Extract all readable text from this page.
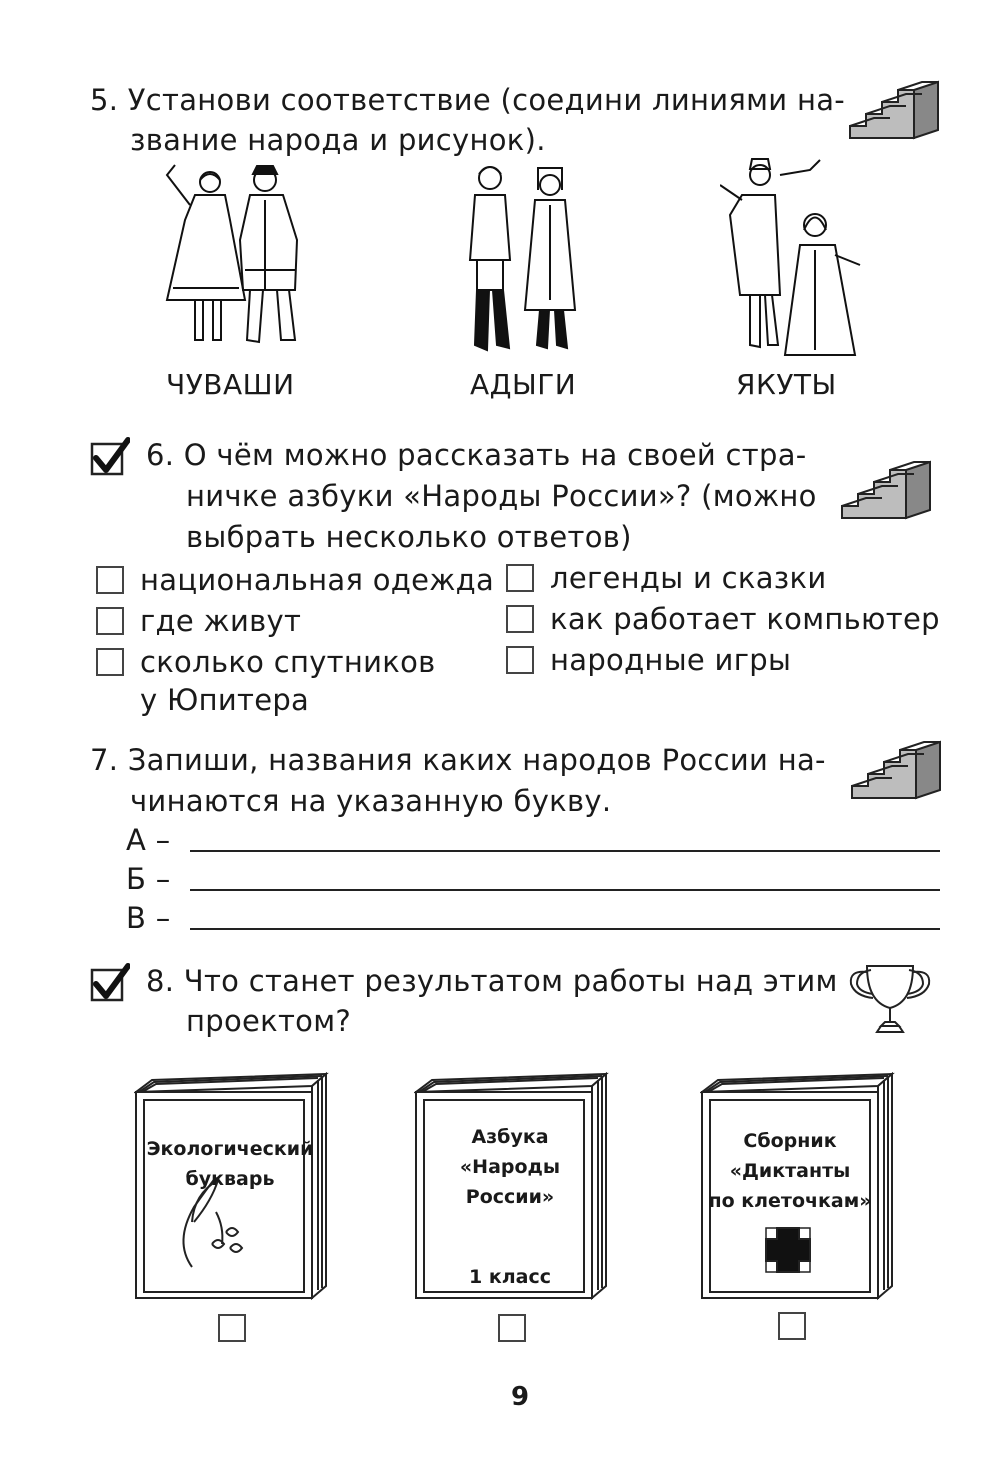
5. Установи соответствие (соедини линиями на-
звание народа и рисунок).
ЧУВАШИ	АДЫГИ	ЯКУТЫ
6. О чём можно рассказать на своей стра-
ничке азбуки «Народы России»? (можно
выбрать несколько ответов)
национальная одежда
где живут
сколько спутников
у Юпитера
легенды и сказки
как работает компьютер
народные игры
7. Запиши, названия каких народов России на-
чинаются на указанную букву.
А –
Б –
В –
8. Что станет результатом работы над этим
проектом?
Экологический
букварь
Азбука
«Народы
России»
1 класс
Сборник
«Диктанты
по клеточкам»
9
